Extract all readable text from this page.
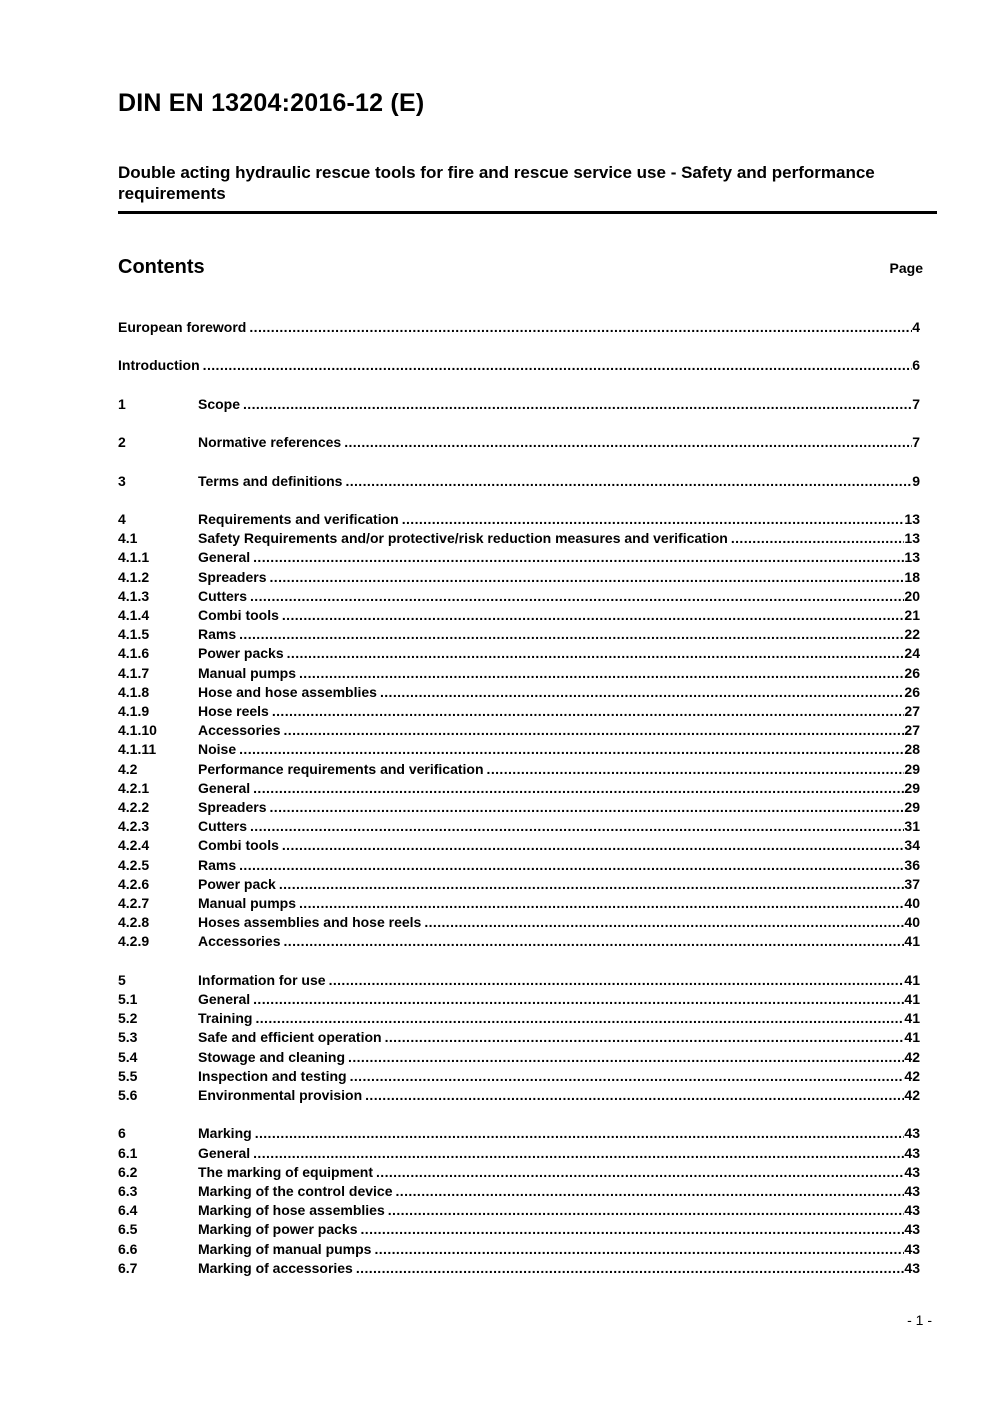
DIN EN 13204:2016-12 (E)
Double acting hydraulic rescue tools for fire and rescue service use - Safety and performance requirements
Contents	Page
European foreword .....	4
Introduction .....	6
1	Scope .....	7
2	Normative references .....	7
3	Terms and definitions .....	9
4	Requirements and verification .....	13
4.1	Safety Requirements and/or protective/risk reduction measures and verification .....	13
4.1.1	General .....	13
4.1.2	Spreaders .....	18
4.1.3	Cutters .....	20
4.1.4	Combi tools .....	21
4.1.5	Rams .....	22
4.1.6	Power packs .....	24
4.1.7	Manual pumps .....	26
4.1.8	Hose and hose assemblies .....	26
4.1.9	Hose reels .....	27
4.1.10	Accessories .....	27
4.1.11	Noise .....	28
4.2	Performance requirements and verification .....	29
4.2.1	General .....	29
4.2.2	Spreaders .....	29
4.2.3	Cutters .....	31
4.2.4	Combi tools .....	34
4.2.5	Rams .....	36
4.2.6	Power pack .....	37
4.2.7	Manual pumps .....	40
4.2.8	Hoses assemblies and hose reels .....	40
4.2.9	Accessories .....	41
5	Information for use .....	41
5.1	General .....	41
5.2	Training .....	41
5.3	Safe and efficient operation .....	41
5.4	Stowage and cleaning .....	42
5.5	Inspection and testing .....	42
5.6	Environmental provision .....	42
6	Marking .....	43
6.1	General .....	43
6.2	The marking of equipment .....	43
6.3	Marking of the control device .....	43
6.4	Marking of hose assemblies .....	43
6.5	Marking of power packs .....	43
6.6	Marking of manual pumps .....	43
6.7	Marking of accessories .....	43
- 1 -
